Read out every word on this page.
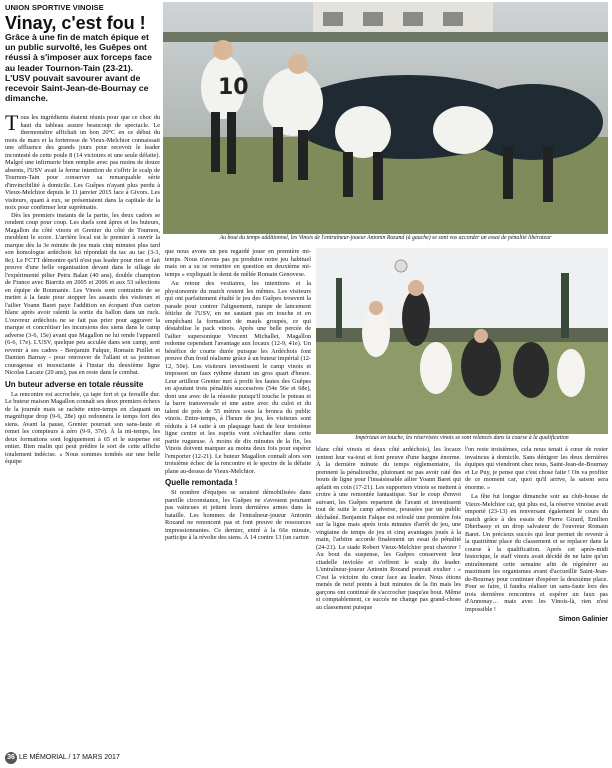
UNION SPORTIVE VINOISE
Vinay, c'est fou !
Grâce à une fin de match épique et un public survolté, les Guêpes ont réussi à s'imposer aux forceps face au leader Tournon-Tain (23-21). L'USV pouvait savourer avant de recevoir Saint-Jean-de-Bournay ce dimanche.	10
Au bout du temps additionnel, les Vinois de l'entraîneur-joueur Antonin Rozand (à gauche) se sont vus accorder un essai de pénalité libérateur
Impériaux en touche, les réservistes vinois se sont relancés dans la course à la qualification
T ous les ingrédients étaient réunis pour que ce choc du haut du tableau assure beaucoup de spectacle. Le thermomètre affichait un bon 20°C en ce début du mois de mars et la forteresse de Vieux-Melchior connaissait une affluence des grands jours pour recevoir le leader incontesté de cette poule 8 (14 victoires et une seule défaite). Malgré une infirmerie bien remplie avec pas moins de douze absents, l'USV avait la ferme intention de s'offrir le scalp de Tournon-Tain pour conserver sa remarquable série d'invincibilité à domicile. Les Guêpes n'ayant plus perdu à Vieux-Melchior depuis le 11 janvier 2015 face à Givors. Les visiteurs, quant à eux, se présentaient dans la capitale de la noix pour confirmer leur suprématie.

Dès les premiers instants de la partie, les deux cadors se rendent coup pour coup. Les duels sont âpres et les buteurs, Magallon du côté vinois et Grenier du côté de Tournon, meublent le score. L'arrière local est le premier à ouvrir la marque dès la 3e minute de jeu mais cinq minutes plus tard son homologue ardéchois lui répondait du tac au tac (3-3, 8e). Le FCTT démontre qu'il n'est pas leader pour rien et fait preuve d'une belle organisation devant dans le sillage de l'expérimenté pilier Petru Balan (40 ans), double champion de France avec Biarritz en 2005 et 2006 et aux 53 sélections en équipe de Roumanie. Les Vinois sont contraints de se mettre à la faute pour stopper les assauts des visiteurs et l'ailier Yoann Baret paye l'addition en écopant d'un carton blanc après avoir ralenti la sortie du ballon dans un ruck. L'ouvreur ardéchois ne se fait pas prier pour aggraver la marque et concrétiser les incursions des siens dans le camp adverse (3-6, 15e) avant que Magallon ne lui rende l'appareil (6-6, 17e). L'USV, quelque peu acculée dans son camp, sent revenir à ses cadres - Benjamin Falque, Romain Puillet et Damien Barnay - pour retrouver de l'allant et sa jeunesse courageuse et insouciante à l'instar du deuxième ligne Nicolas Lacaze (20 ans), pas en reste dans le combat.

Un buteur adverse en totale réussite

La rencontre est accrochée, ça tape fort et ça ferraille dur. Le buteur maison Magallon connaît ses deux premiers échecs de la journée mais se rachète entre-temps en claquant un magnifique drop (9-6, 28e) qui redonnera le temps fort des siens. Avant la pause, Grenier pourrait son sans-faute et remet les compteurs à zéro (9-9, 37e). À la mi-temps, les deux formations sont logiquement à 65 et le suspense est entier. Bien malin qui peut prédire le sort de cette affiche totalement indécise. « Nous sommes tombés sur une belle équipe

que nous avons un peu regardé jouer en première mi-temps. Nous n'avons pas pu produire notre jeu habituel mais on a su se remettre en question en deuxième mi-temps » expliquait le demi de mêlée Romain Genovese.

Au retour des vestiaires, les intentions et la physionomie du match restent les mêmes. Les visiteurs qui ont parfaitement étudié le jeu des Guêpes trouvent la parade pour contrer l'alignement, rampe de lancement fétiche de l'USV, en ne sautant pas en touche et en empêchant la formation de mauls groupés, ce qui déstabilise le pack vinois. Après une belle percée de l'ailier supersonique Vincent Michallet, Magallon redonne cependant l'avantage aux locaux (12-9, 41e). Un bénéfice de courte durée puisque les Ardéchois font preuve d'un froid réalisme grâce à un buteur impérial (12-12, 50e). Les visiteurs investissent le camp vinois et imposent un faux rythme durant un gros quart d'heure. Leur artilleur Grenier met à profit les fautes des Guêpes en ajoutant trois pénalités successives (54e 56e et 68e), dont une avec de la réussite puisqu'il touche le poteau et la barre transversale et une autre avec du culot et du talent de près de 55 mètres sous la bronca du public vinois. Entre-temps, à l'heure de jeu, les visiteurs sont réduits à 14 suite à un plaquage haut de leur troisième ligne centre et les esprits vont s'échauffer dans cette partie rugueuse. À moins de dix minutes de la fin, les Vinois doivent marquer au moins deux fois pour espérer l'emporter (12-21). Le buteur Magallon connaît alors son troisième échec de la rencontre et le spectre de la défaite plane au-dessus de Vieux-Melchior.

Quelle remontada !

Si nombre d'équipes se seraient démobilisées dans pareille circonstance, les Guêpes ne s'avouent pourtant pas vaincues et jettent leurs dernières armes dans la bataille. Les hommes de l'entraîneur-joueur Antonin Rozand ne renoncent pas et font preuve de ressources impressionnantes. Ce dernier, entré à la 66e minute, participe à la révolte des siens. À 14 contre 13 (un carton

blanc côté vinois et deux côté ardéchois), les locaux tentent leur va-tout et font preuve d'une hargne énorme. À la dernière minute du temps réglementaire, ils prennent la pénaltouche, plutonant ne pas avoir raté des bouts de ligne pour l'insaisissable ailier Yoann Baret qui aplatit en coin (17-21). Les supporters vinois se mettent à croire à une remontée fantastique. Sur le coup d'envoi suivant, les Guêpes repartent de l'avant et investissent tout de suite le camp adverse, poussées par un public déchaîné. Benjamin Falque est refoulé une première fois sur la ligne mais après trois minutes d'arrêt de jeu, une vingtaine de temps de jeu et cinq avantages joués à la main, l'arbitre accorde finalement un essai de pénalité (24-21). Le stade Robert Vieux-Melchior peut chavirer ! Au bout du suspense, les Guêpes conservent leur citadelle inviolée et s'offrent le scalp du leader. L'entraîneur-joueur Antonin Rozand pouvait exulter : « C'est la victoire du cœur face au leader. Nous étions menés de neuf points à huit minutes de la fin mais les garçons ont continué de s'accrocher jusqu'au bout. Même si comptablement, ce succès ne change pas grand-chose au classement puisque

l'on reste troisièmes, cela nous tenait à cœur de rester invaincus à domicile. Sans dénigrer les deux dernières équipes qui viendront chez nous, Saint-Jean-de-Bournay et Le Puy, je pense que c'est chose faite ! On va profiter de ce moment car, quoi qu'il arrive, la saison sera énorme. »

La fête fut longue dimanche soir au club-house de Vieux-Melchior car, qui plus est, la réserve vinoise avait emporté (23-13) en renversant également le cours du match grâce à des essais de Pierre Girard, Emilien Dherbassy et un drop salvateur de l'ouvreur Romain Baret. Un précieux succès qui leur permet de revenir à la quatrième place du classement et se replacer dans la course à la qualification. Après cet après-midi historique, le staff vinois avait décidé de ne faire qu'un entraînement cette semaine afin de régénérer au maximum les organismes avant d'accueillir Saint-Jean-de-Bournay pour continuer d'espérer la deuxième place. Pour se faire, il faudra réaliser un sans-faute lors des trois dernières rencontres et espérer un faux pas d'Annonay… mais avec les Vinois-là, rien n'est impossible !

Simon Galinier
36 LE MÉMORIAL / 17 MARS 2017
